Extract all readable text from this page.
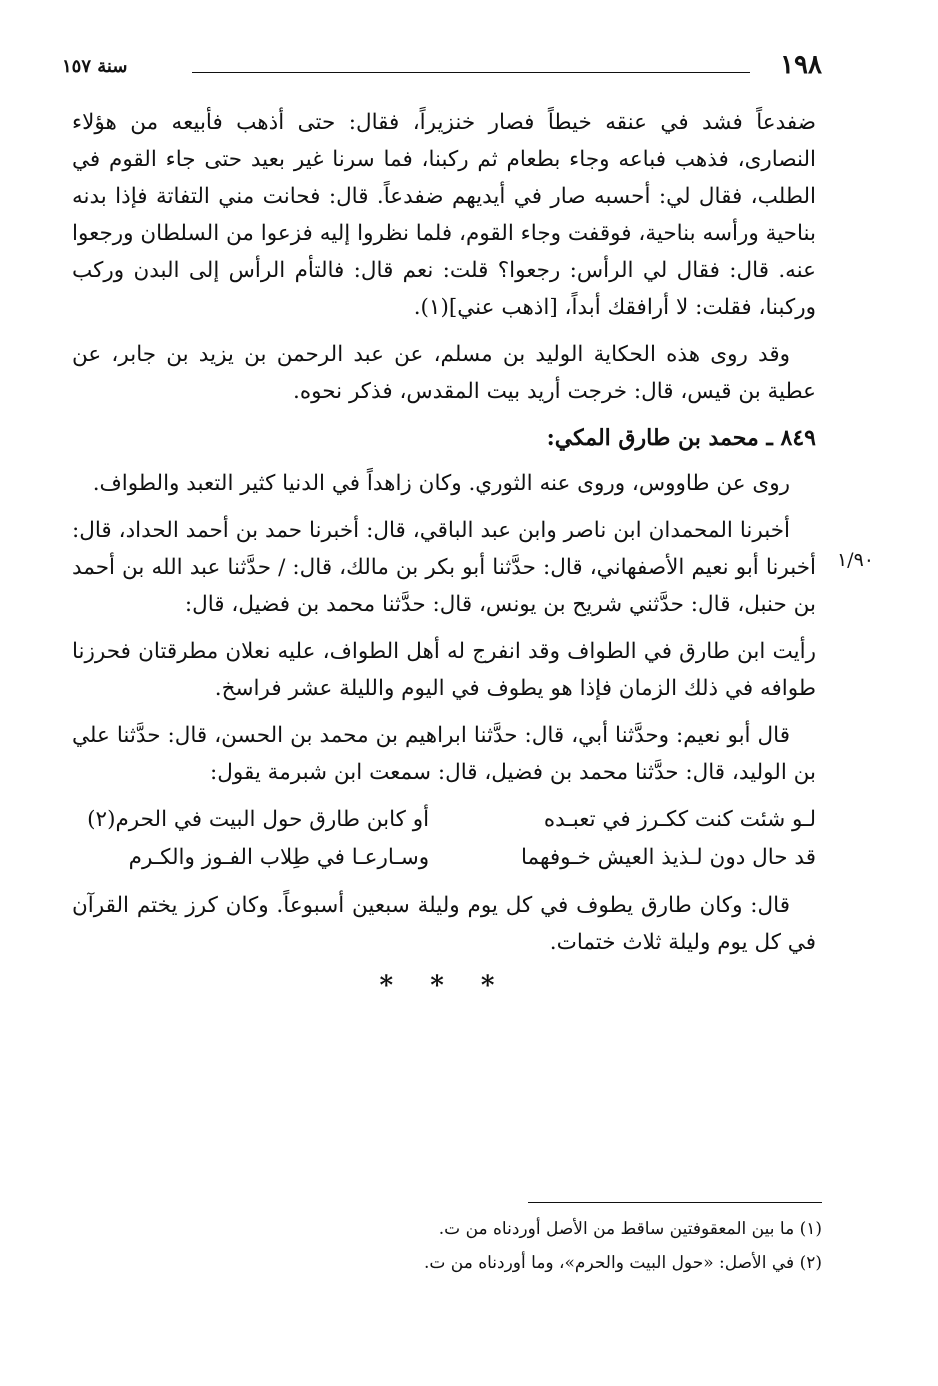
١٩٨
سنة ١٥٧

ضفدعاً فشد في عنقه خيطاً فصار خنزيراً، فقال: حتى أذهب فأبيعه من هؤلاء النصارى، فذهب فباعه وجاء بطعام ثم ركبنا، فما سرنا غير بعيد حتى جاء القوم في الطلب، فقال لي: أحسبه صار في أيديهم ضفدعاً. قال: فحانت مني التفاتة فإذا بدنه بناحية ورأسه بناحية، فوقفت وجاء القوم، فلما نظروا إليه فزعوا من السلطان ورجعوا عنه. قال: فقال لي الرأس: رجعوا؟ قلت: نعم قال: فالتأم الرأس إلى البدن وركب وركبنا، فقلت: لا أرافقك أبداً، [اذهب عني](١).

وقد روى هذه الحكاية الوليد بن مسلم، عن عبد الرحمن بن يزيد بن جابر، عن عطية بن قيس، قال: خرجت أريد بيت المقدس، فذكر نحوه.

٨٤٩ ـ محمد بن طارق المكي:

روى عن طاووس، وروى عنه الثوري. وكان زاهداً في الدنيا كثير التعبد والطواف.

١/٩٠

أخبرنا المحمدان ابن ناصر وابن عبد الباقي، قال: أخبرنا حمد بن أحمد الحداد، قال: أخبرنا أبو نعيم الأصفهاني، قال: حدَّثنا أبو بكر بن مالك، قال: / حدَّثنا عبد الله بن أحمد بن حنبل، قال: حدَّثني شريح بن يونس، قال: حدَّثنا محمد بن فضيل، قال:

رأيت ابن طارق في الطواف وقد انفرج له أهل الطواف، عليه نعلان مطرقتان فحرزنا طوافه في ذلك الزمان فإذا هو يطوف في اليوم والليلة عشر فراسخ.

قال أبو نعيم: وحدَّثنا أبي، قال: حدَّثنا ابراهيم بن محمد بن الحسن، قال: حدَّثنا علي بن الوليد، قال: حدَّثنا محمد بن فضيل، قال: سمعت ابن شبرمة يقول:

لـو شئت كنت ككـرز في تعبـده
أو كابن طارق حول البيت في الحرم(٢)
قد حال دون لـذيذ العيش خـوفهما
وسـارعـا في طِلاب الفـوز والكـرم

قال: وكان طارق يطوف في كل يوم وليلة سبعين أسبوعاً. وكان كرز يختم القرآن في كل يوم وليلة ثلاث ختمات.

* * *

(١) ما بين المعقوفتين ساقط من الأصل أوردناه من ت.

(٢) في الأصل: «حول البيت والحرم»، وما أوردناه من ت.
